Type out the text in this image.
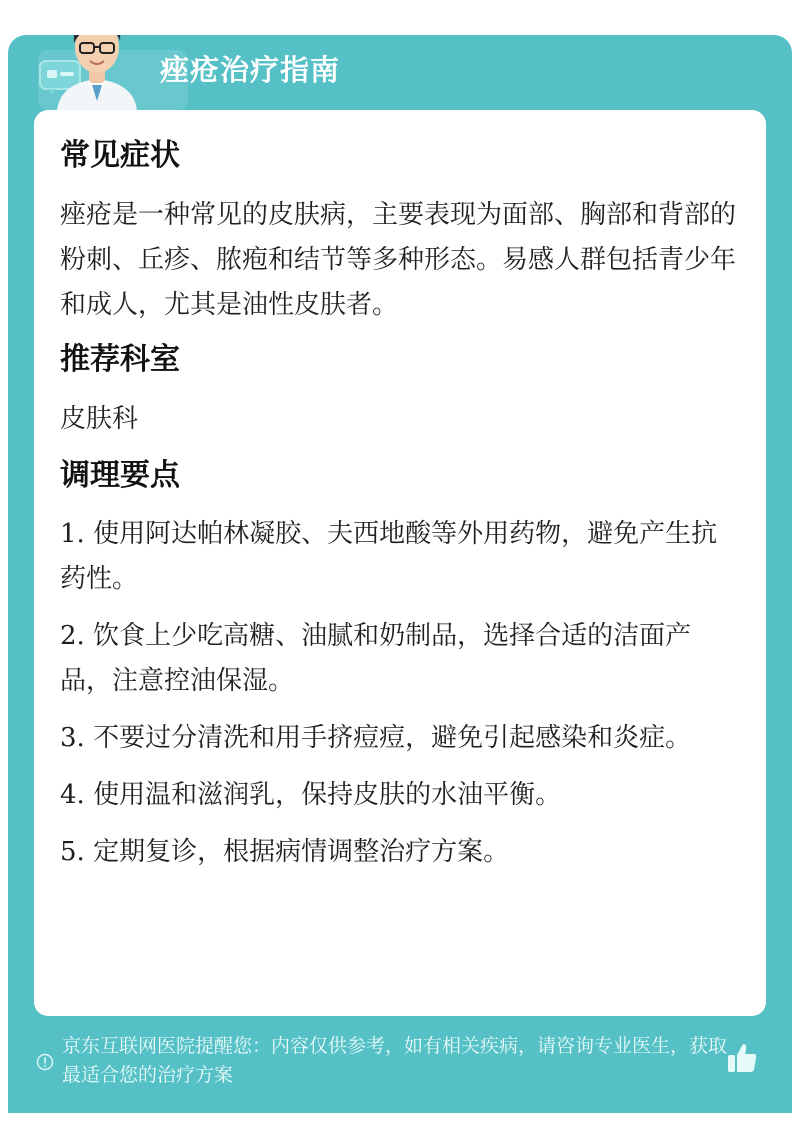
痤疮治疗指南
京东互联网医院提醒您：内容仅供参考，如有相关疾病，请咨询专业医生，获取最适合您的治疗方案
常见症状

痤疮是一种常见的皮肤病，主要表现为面部、胸部和背部的粉刺、丘疹、脓疱和结节等多种形态。易感人群包括青少年和成人，尤其是油性皮肤者。

推荐科室

皮肤科

调理要点
1. 使用阿达帕林凝胶、夫西地酸等外用药物，避免产生抗药性。
2. 饮食上少吃高糖、油腻和奶制品，选择合适的洁面产品，注意控油保湿。
3. 不要过分清洗和用手挤痘痘，避免引起感染和炎症。
4. 使用温和滋润乳，保持皮肤的水油平衡。
5. 定期复诊，根据病情调整治疗方案。
